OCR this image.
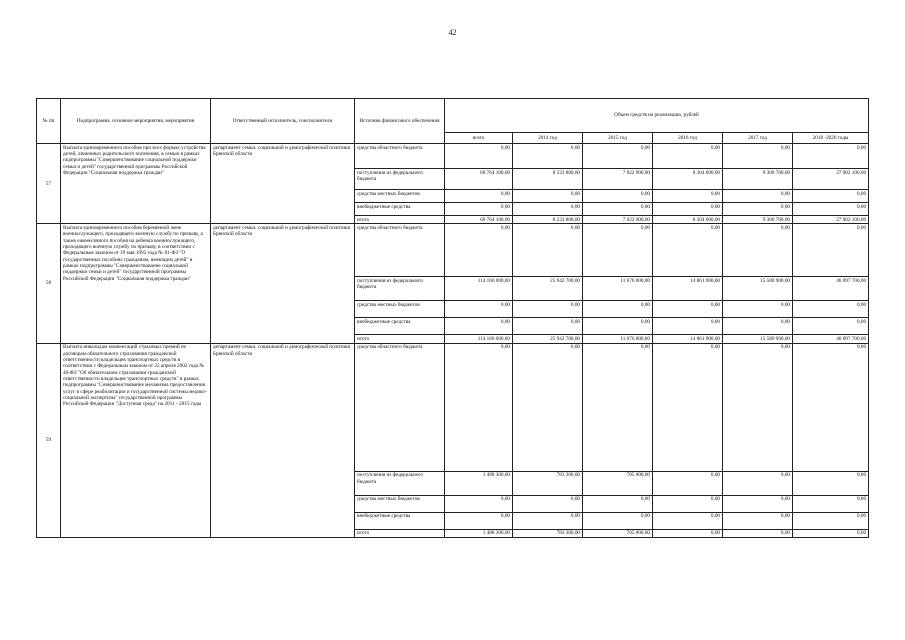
42
№ пп	Подпрограмма, основное мероприятия, мероприятия	Ответственный исполнитель, соисполнители	Источник финансового обеспечения	Объем средств на реализацию, рублей					
				всего	2014 год	2015 год	2016 год	2017 год	2018 -2020 годы
57	Выплата единовременного пособия при всех формах устройства детей, лишенных родительского попечения, в семью в рамках подпрограммы "Совершенствование социальной поддержки семьи и детей" государственной программы Российской Федерации "Социальная поддержка граждан"	департамент семьи, социальной и демографической политики Брянской области	средства областного бюджета	0,00	0,00	0,00	0,00	0,00	0,00
			поступления из федерального бюджета	60 764 100,00	8 233 800,00	7 022 900,00	8 304 600,00	9 300 700,00	27 902 100,00
			средства местных бюджетов	0,00	0,00	0,00	0,00	0,00	0,00
			внебюджетные средства	0,00	0,00	0,00	0,00	0,00	0,00
			итого	60 764 100,00	8 233 800,00	7 022 900,00	8 304 600,00	9 300 700,00	27 902 100,00
58	Выплата единовременного пособия беременной жене военнослужащего, проходящего военную службу по призыву, а также ежемесячного пособия на ребенка военнослужащего, проходящего военную службу по призыву, в соответствии с Федеральным законом от 19 мая 1995 года № 81-ФЗ "О государственных пособиях гражданам, имеющим детей" в рамках подпрограммы "Совершенствование социальной поддержки семьи и детей" государственной программы Российской Федерации "Социальная поддержка граждан"	департамент семьи, социальной и демографической политики Брянской области	средства областного бюджета	0,00	0,00	0,00	0,00	0,00	0,00
			поступления из федерального бюджета	114 160 000,00	25 942 700,00	11 676 800,00	14 861 900,00	15 580 900,00	46 097 700,00
			средства местных бюджетов	0,00	0,00	0,00	0,00	0,00	0,00
			внебюджетные средства	0,00	0,00	0,00	0,00	0,00	0,00
			итого	114 160 000,00	25 942 700,00	11 676 800,00	14 861 900,00	15 580 900,00	46 097 700,00
59	Выплата инвалидам компенсаций страховых премий по договорам обязательного страхования гражданской ответственности владельцев транспортных средств в соответствии с Федеральным законом от 25 апреля 2002 года № 40-ФЗ "Об обязательном страховании гражданской ответственности владельцев транспортных средств" в рамках подпрограммы "Совершенствование механизма предоставления услуг в сфере реабилитации и государственной системы медико-социальной экспертизы" государственной программы Российской Федерации "Доступная среда" на 2011 - 2015 годы	департамент семьи, социальной и демографической политики Брянской области	средства областного бюджета	0,00	0,00	0,00	0,00	0,00	0,00
			поступления из федерального бюджета	1 488 300,00	783 300,00	705 000,00	0,00	0,00	0,00
			средства местных бюджетов	0,00	0,00	0,00	0,00	0,00	0,00
			внебюджетные средства	0,00	0,00	0,00	0,00	0,00	0,00
			итого	1 488 300,00	783 300,00	705 000,00	0,00	0,00	0,00
